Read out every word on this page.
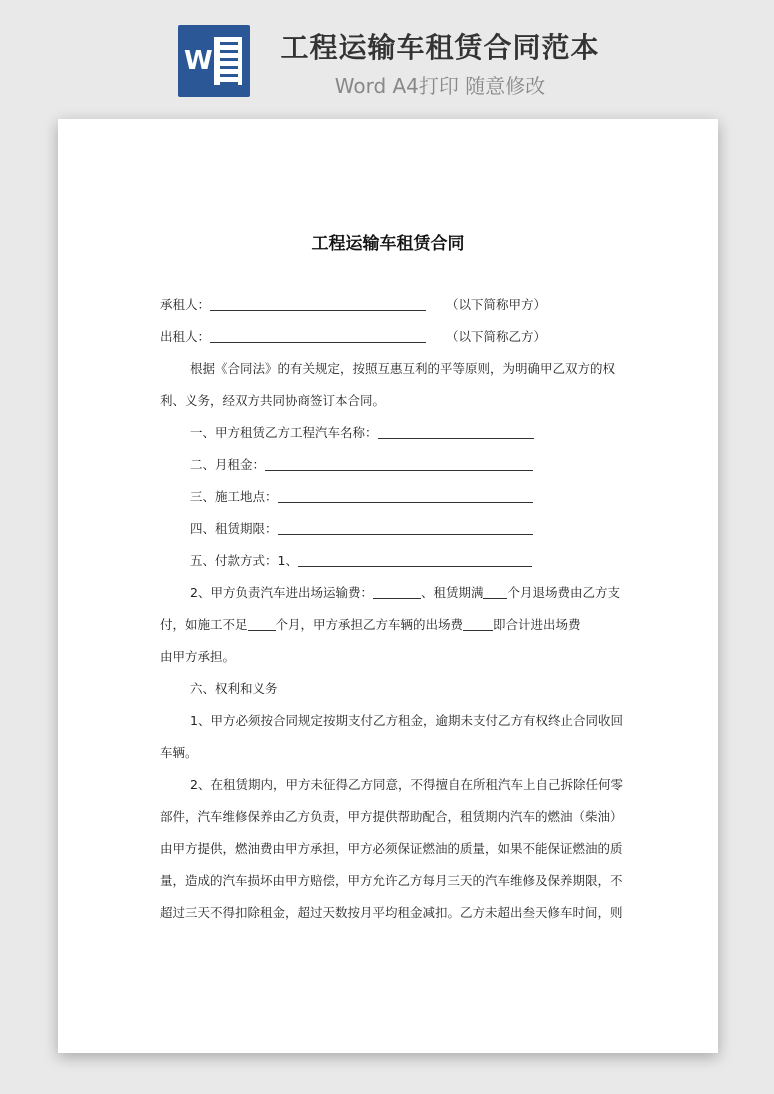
W	工程运输车租赁合同范本
Word A4打印 随意修改
工程运输车租赁合同
承租人：	（以下简称甲方）
出租人：	（以下简称乙方）
根据《合同法》的有关规定，按照互惠互利的平等原则，为明确甲乙双方的权
利、义务，经双方共同协商签订本合同。
一、甲方租赁乙方工程汽车名称：
二、月租金：
三、施工地点：
四、租赁期限：
五、付款方式：1、
2、甲方负责汽车进出场运输费：	、租赁期满 个月退场费由乙方支
付，如施工不足 个月，甲方承担乙方车辆的出场费 即合计进出场费
由甲方承担。
六、权利和义务
1、甲方必须按合同规定按期支付乙方租金，逾期未支付乙方有权终止合同收回
车辆。
2、在租赁期内，甲方未征得乙方同意，不得擅自在所租汽车上自己拆除任何零
部件，汽车维修保养由乙方负责，甲方提供帮助配合，租赁期内汽车的燃油（柴油）
由甲方提供，燃油费由甲方承担，甲方必须保证燃油的质量，如果不能保证燃油的质
量，造成的汽车损坏由甲方赔偿，甲方允许乙方每月三天的汽车维修及保养期限，不
超过三天不得扣除租金，超过天数按月平均租金减扣。乙方未超出叁天修车时间，则
